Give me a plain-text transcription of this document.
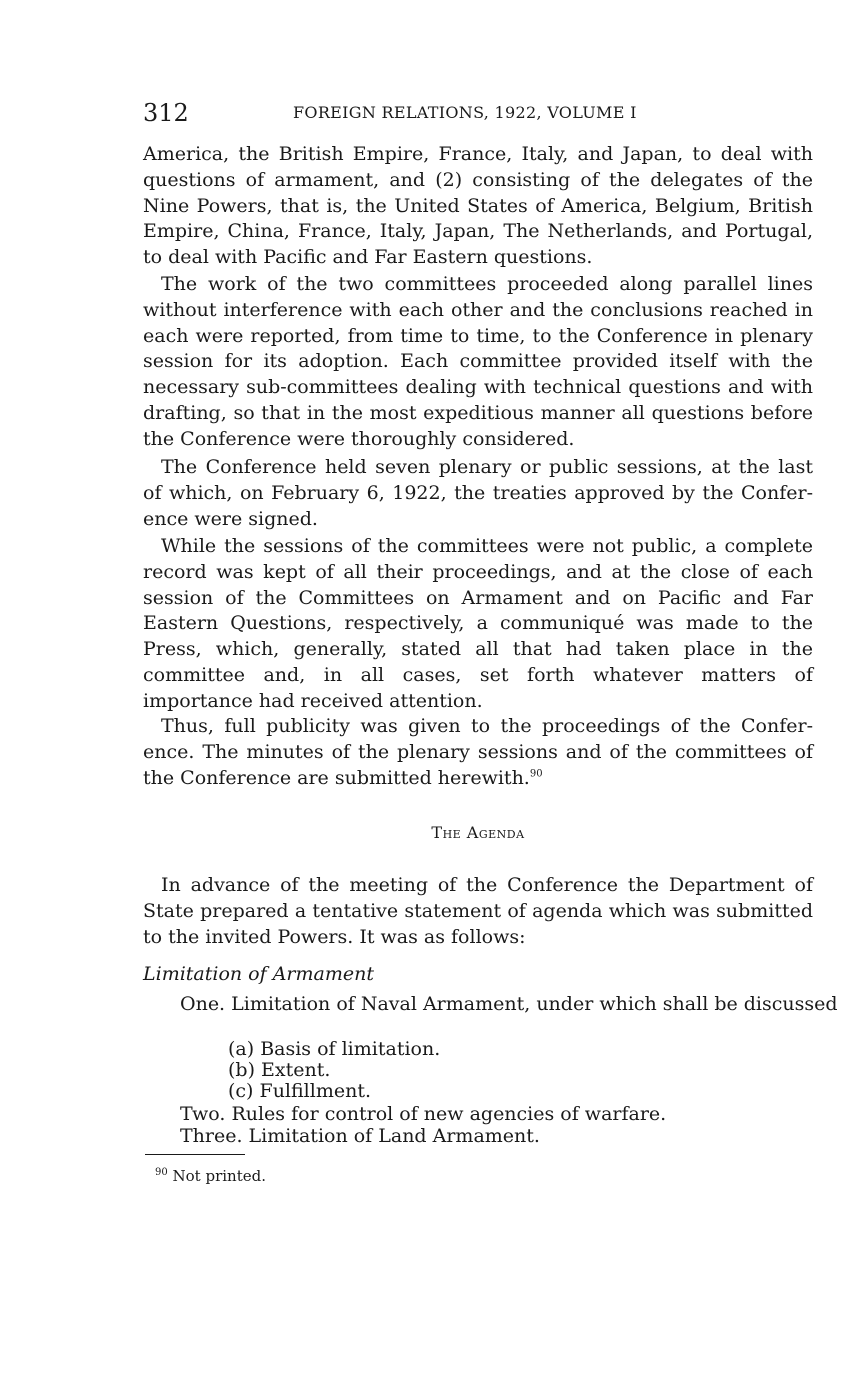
312	FOREIGN RELATIONS, 1922, VOLUME I

America, the British Empire, France, Italy, and Japan, to deal with questions of armament, and (2) consisting of the delegates of the Nine Powers, that is, the United States of America, Belgium, British Empire, China, France, Italy, Japan, The Netherlands, and Portugal, to deal with Pacific and Far Eastern questions.

The work of the two committees proceeded along parallel lines without interference with each other and the conclusions reached in each were reported, from time to time, to the Conference in plenary session for its adoption. Each committee provided itself with the necessary sub-committees dealing with technical questions and with drafting, so that in the most expeditious manner all questions before the Conference were thoroughly considered.

The Conference held seven plenary or public sessions, at the last of which, on February 6, 1922, the treaties approved by the Conference were signed.

While the sessions of the committees were not public, a complete record was kept of all their proceedings, and at the close of each session of the Committees on Armament and on Pacific and Far Eastern Questions, respectively, a communiqué was made to the Press, which, generally, stated all that had taken place in the committee and, in all cases, set forth whatever matters of importance had received attention.

Thus, full publicity was given to the proceedings of the Conference. The minutes of the plenary sessions and of the committees of the Conference are submitted herewith.$^{90}$

The Agenda

In advance of the meeting of the Conference the Department of State prepared a tentative statement of agenda which was submitted to the invited Powers. It was as follows:

Limitation of Armament

One. Limitation of Naval Armament, under which shall be discussed

(a) Basis of limitation.
(b) Extent.
(c) Fulfillment.

Two. Rules for control of new agencies of warfare.

Three. Limitation of Land Armament.

$^{90}$ Not printed.
